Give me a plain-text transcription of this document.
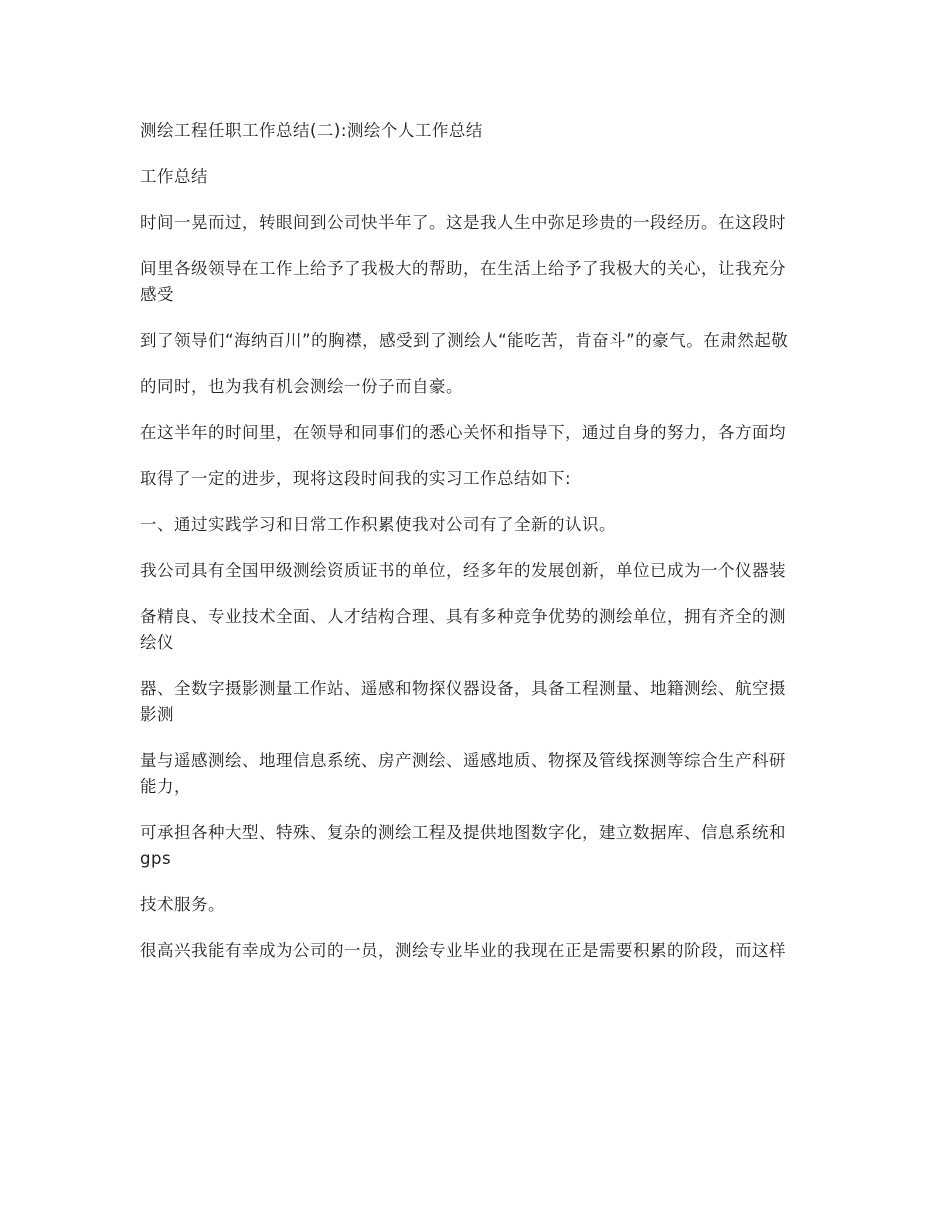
测绘工程任职工作总结(二):测绘个人工作总结

工作总结

时间一晃而过，转眼间到公司快半年了。这是我人生中弥足珍贵的一段经历。在这段时

间里各级领导在工作上给予了我极大的帮助，在生活上给予了我极大的关心，让我充分感受

到了领导们“海纳百川”的胸襟，感受到了测绘人“能吃苦，肯奋斗”的豪气。在肃然起敬

的同时，也为我有机会测绘一份子而自豪。

在这半年的时间里，在领导和同事们的悉心关怀和指导下，通过自身的努力，各方面均

取得了一定的进步，现将这段时间我的实习工作总结如下:

一、通过实践学习和日常工作积累使我对公司有了全新的认识。

我公司具有全国甲级测绘资质证书的单位，经多年的发展创新，单位已成为一个仪器装

备精良、专业技术全面、人才结构合理、具有多种竞争优势的测绘单位，拥有齐全的测绘仪

器、全数字摄影测量工作站、遥感和物探仪器设备，具备工程测量、地籍测绘、航空摄影测

量与遥感测绘、地理信息系统、房产测绘、遥感地质、物探及管线探测等综合生产科研能力，

可承担各种大型、特殊、复杂的测绘工程及提供地图数字化，建立数据库、信息系统和 gps

技术服务。

很高兴我能有幸成为公司的一员，测绘专业毕业的我现在正是需要积累的阶段，而这样
